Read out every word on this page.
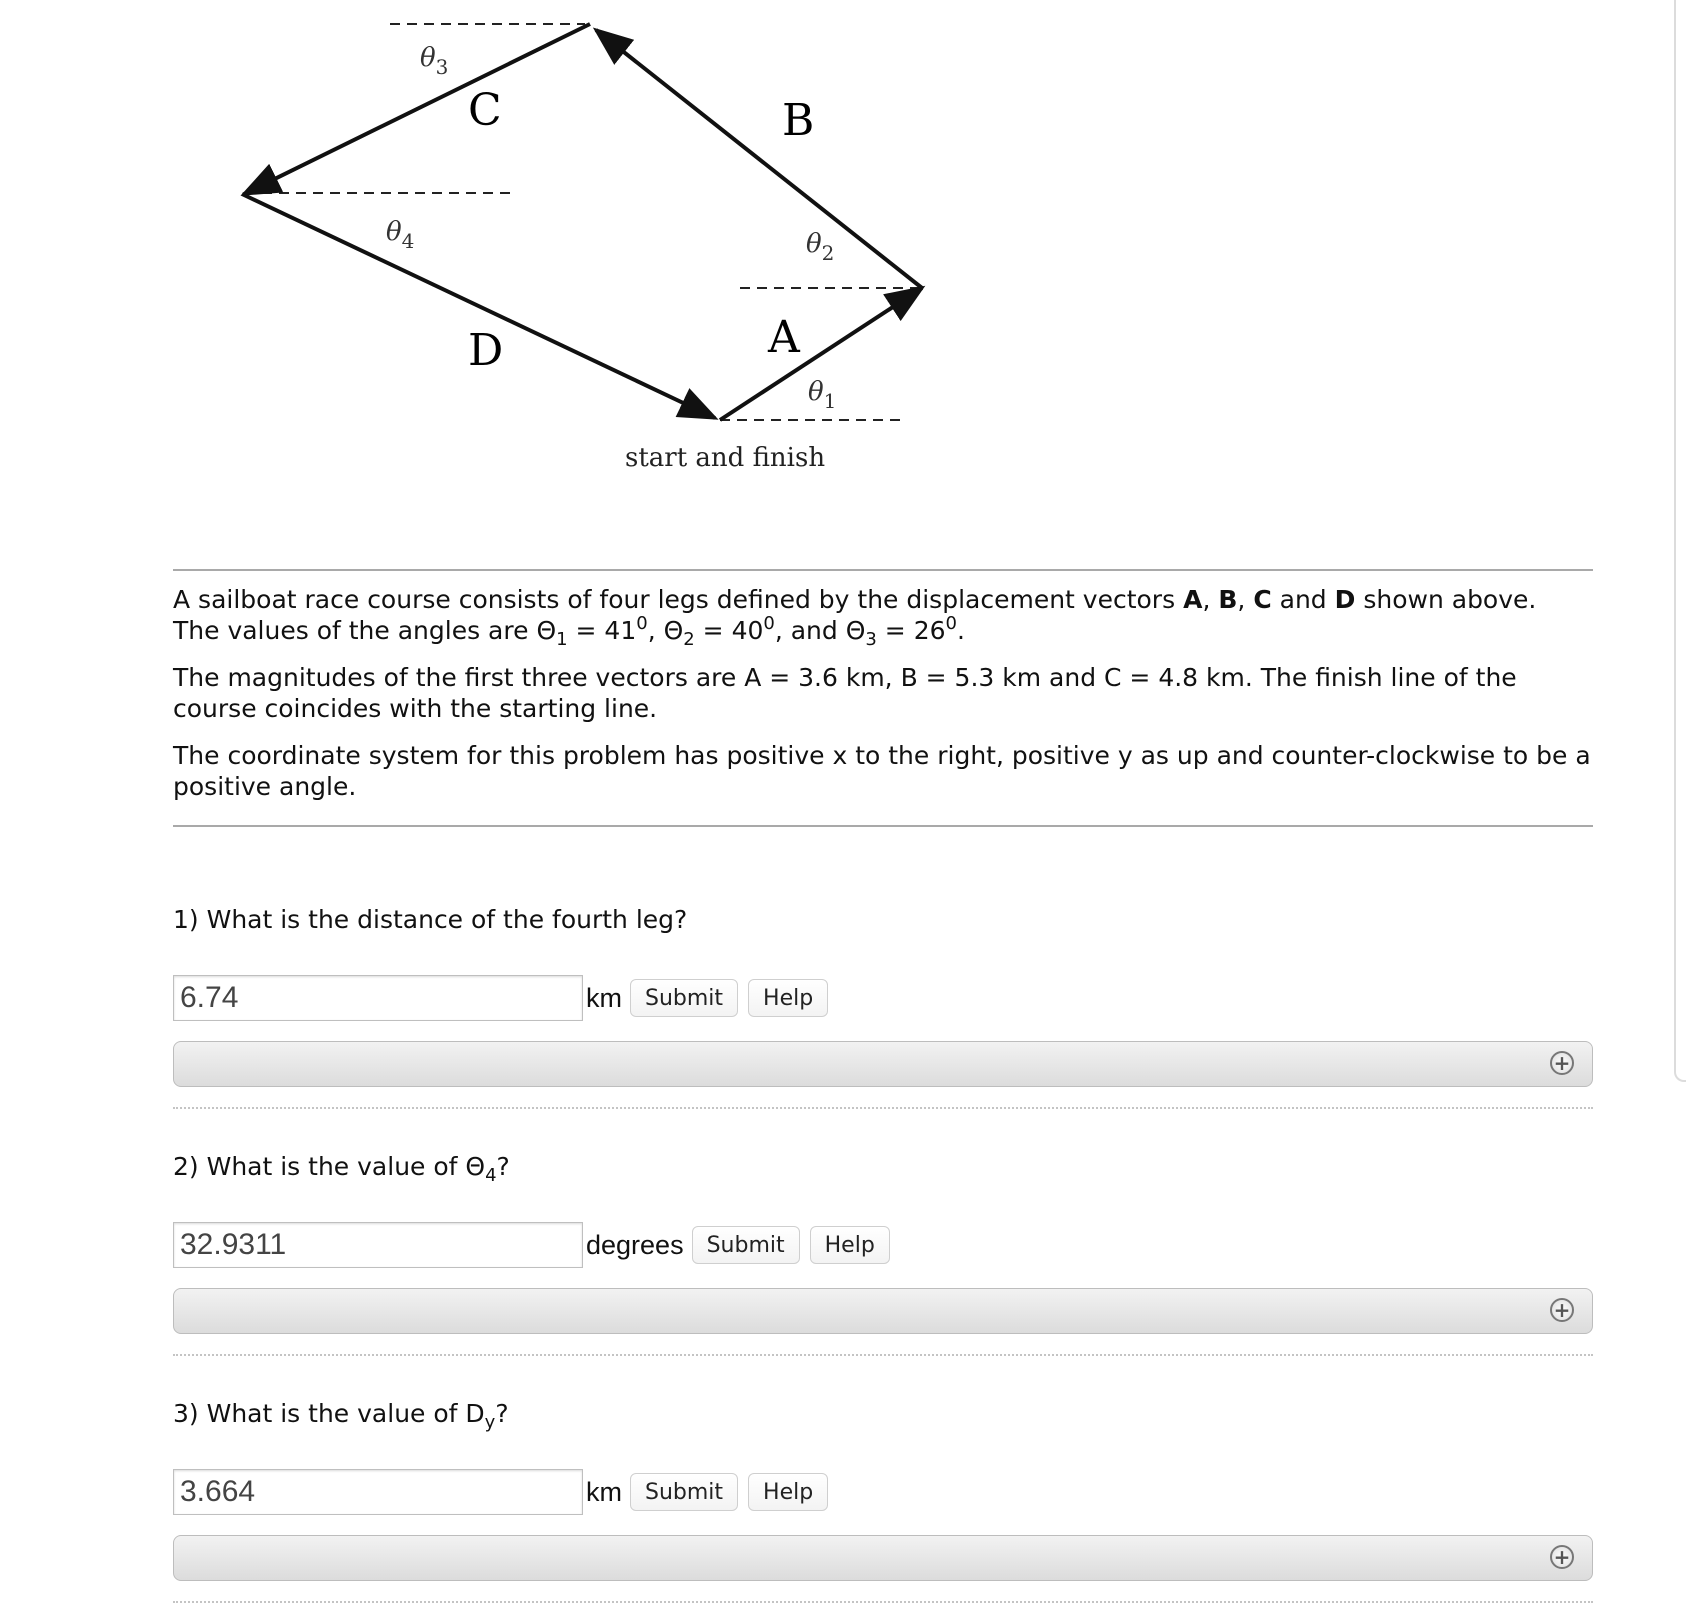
C	B
A
D
$\theta_3$
$\theta_4$	$\theta_2$
$\theta_1$
start and finish

A sailboat race course consists of four legs defined by the displacement vectors A, B, C and D shown above.

The values of the angles are $\Theta_1 = 41^0$, $\Theta_2 = 40^0$, and $\Theta_3 = 26^0$.

The magnitudes of the first three vectors are A = 3.6 km, B = 5.3 km and C = 4.8 km. The finish line of the course coincides with the starting line.

The coordinate system for this problem has positive x to the right, positive y as up and counter-clockwise to be a positive angle.

1) What is the distance of the fourth leg?
6.74
km	Submit	Help
+
2) What is the value of $\Theta_4$?
32.9311
degrees	Submit	Help
+
3) What is the value of $D_y$?
3.664
km	Submit	Help
+
